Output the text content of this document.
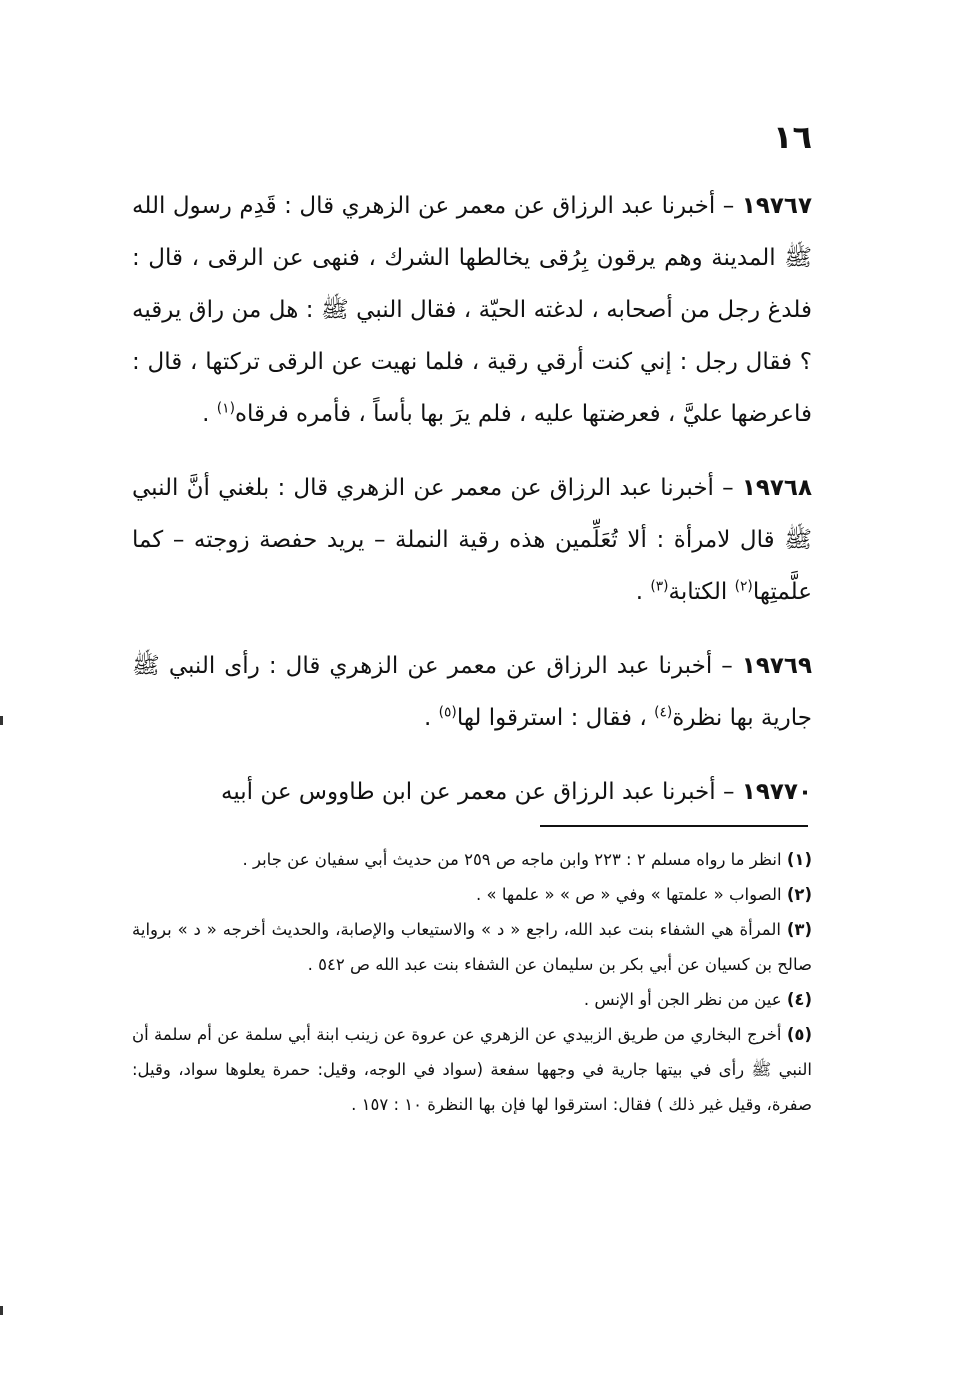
١٦

١٩٧٦٧ – أخبرنا عبد الرزاق عن معمر عن الزهري قال : قَدِم رسول الله ﷺ المدينة وهم يرقون بِرُقى يخالطها الشرك ، فنهى عن الرقى ، قال : فلدغ رجل من أصحابه ، لدغته الحيّة ، فقال النبي ﷺ : هل من راق يرقيه ؟ فقال رجل : إني كنت أرقي رقية ، فلما نهيت عن الرقى تركتها ، قال : فاعرضها عليَّ ، فعرضتها عليه ، فلم يرَ بها بأساً ، فأمره فرقاه$^{(١)}$ .

١٩٧٦٨ – أخبرنا عبد الرزاق عن معمر عن الزهري قال : بلغني أنَّ النبي ﷺ قال لامرأة : ألا تُعَلِّمين هذه رقية النملة – يريد حفصة زوجته – كما علَّمتِها$^{(٢)}$ الكتابة$^{(٣)}$ .

١٩٧٦٩ – أخبرنا عبد الرزاق عن معمر عن الزهري قال : رأى النبي ﷺ جارية بها نظرة$^{(٤)}$ ، فقال : استرقوا لها$^{(٥)}$ .

١٩٧٧٠ – أخبرنا عبد الرزاق عن معمر عن ابن طاووس عن أبيه

(١) انظر ما رواه مسلم ٢ : ٢٢٣ وابن ماجه ص ٢٥٩ من حديث أبي سفيان عن جابر .

(٢) الصواب « علمتها » وفي « ص » « علمها » .

(٣) المرأة هي الشفاء بنت عبد الله، راجع « د » والاستيعاب والإصابة، والحديث أخرجه « د » برواية صالح بن كسيان عن أبي بكر بن سليمان عن الشفاء بنت عبد الله ص ٥٤٢ .

(٤) عين من نظر الجن أو الإنس .

(٥) أخرج البخاري من طريق الزبيدي عن الزهري عن عروة عن زينب ابنة أبي سلمة عن أم سلمة أن النبي ﷺ رأى في بيتها جارية في وجهها سفعة (سواد في الوجه، وقيل: حمرة يعلوها سواد، وقيل: صفرة، وقيل غير ذلك ) فقال: استرقوا لها فإن بها النظرة ١٠ : ١٥٧ .
